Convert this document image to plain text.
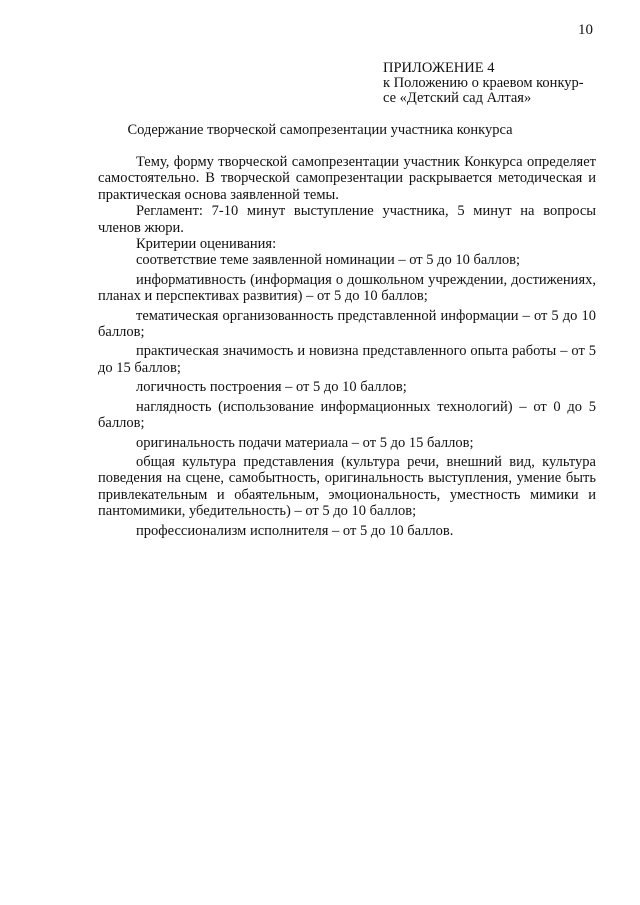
10
ПРИЛОЖЕНИЕ 4
к Положению о краевом конкур-
се «Детский сад Алтая»
Содержание творческой самопрезентации участника конкурса

Тему, форму творческой самопрезентации участник Конкурса определяет самостоятельно. В творческой самопрезентации раскрывается методическая и практическая основа заявленной темы.

Регламент: 7-10 минут выступление участника, 5 минут на вопросы членов жюри.

Критерии оценивания:

соответствие теме заявленной номинации – от 5 до 10 баллов;

информативность (информация о дошкольном учреждении, достижениях, планах и перспективах развития) – от 5 до 10 баллов;

тематическая организованность представленной информации – от 5 до 10 баллов;

практическая значимость и новизна представленного опыта работы – от 5 до 15 баллов;

логичность построения – от 5 до 10 баллов;

наглядность (использование информационных технологий) – от 0 до 5 баллов;

оригинальность подачи материала – от 5 до 15 баллов;

общая культура представления (культура речи, внешний вид, культура поведения на сцене, самобытность, оригинальность выступления, умение быть привлекательным и обаятельным, эмоциональность, уместность мимики и пантомимики, убедительность) – от 5 до 10 баллов;

профессионализм исполнителя – от 5 до 10 баллов.
